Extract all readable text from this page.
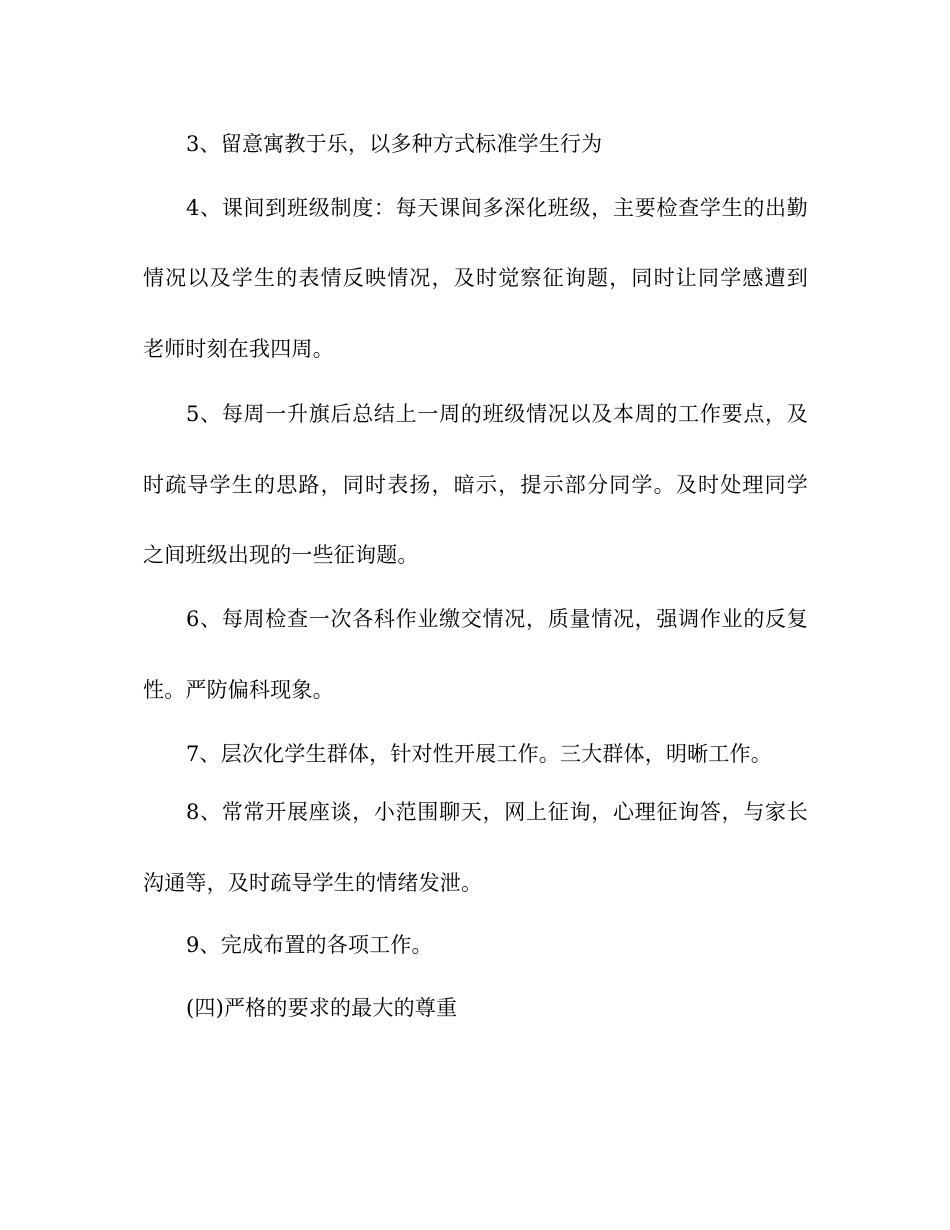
3、留意寓教于乐，以多种方式标准学生行为
4、课间到班级制度：每天课间多深化班级，主要检查学生的出勤
情况以及学生的表情反映情况，及时觉察征询题，同时让同学感遭到
老师时刻在我四周。
5、每周一升旗后总结上一周的班级情况以及本周的工作要点，及
时疏导学生的思路，同时表扬，暗示，提示部分同学。及时处理同学
之间班级出现的一些征询题。
6、每周检查一次各科作业缴交情况，质量情况，强调作业的反复
性。严防偏科现象。
7、层次化学生群体，针对性开展工作。三大群体，明晰工作。
8、常常开展座谈，小范围聊天，网上征询，心理征询答，与家长
沟通等，及时疏导学生的情绪发泄。
9、完成布置的各项工作。
(四)严格的要求的最大的尊重
